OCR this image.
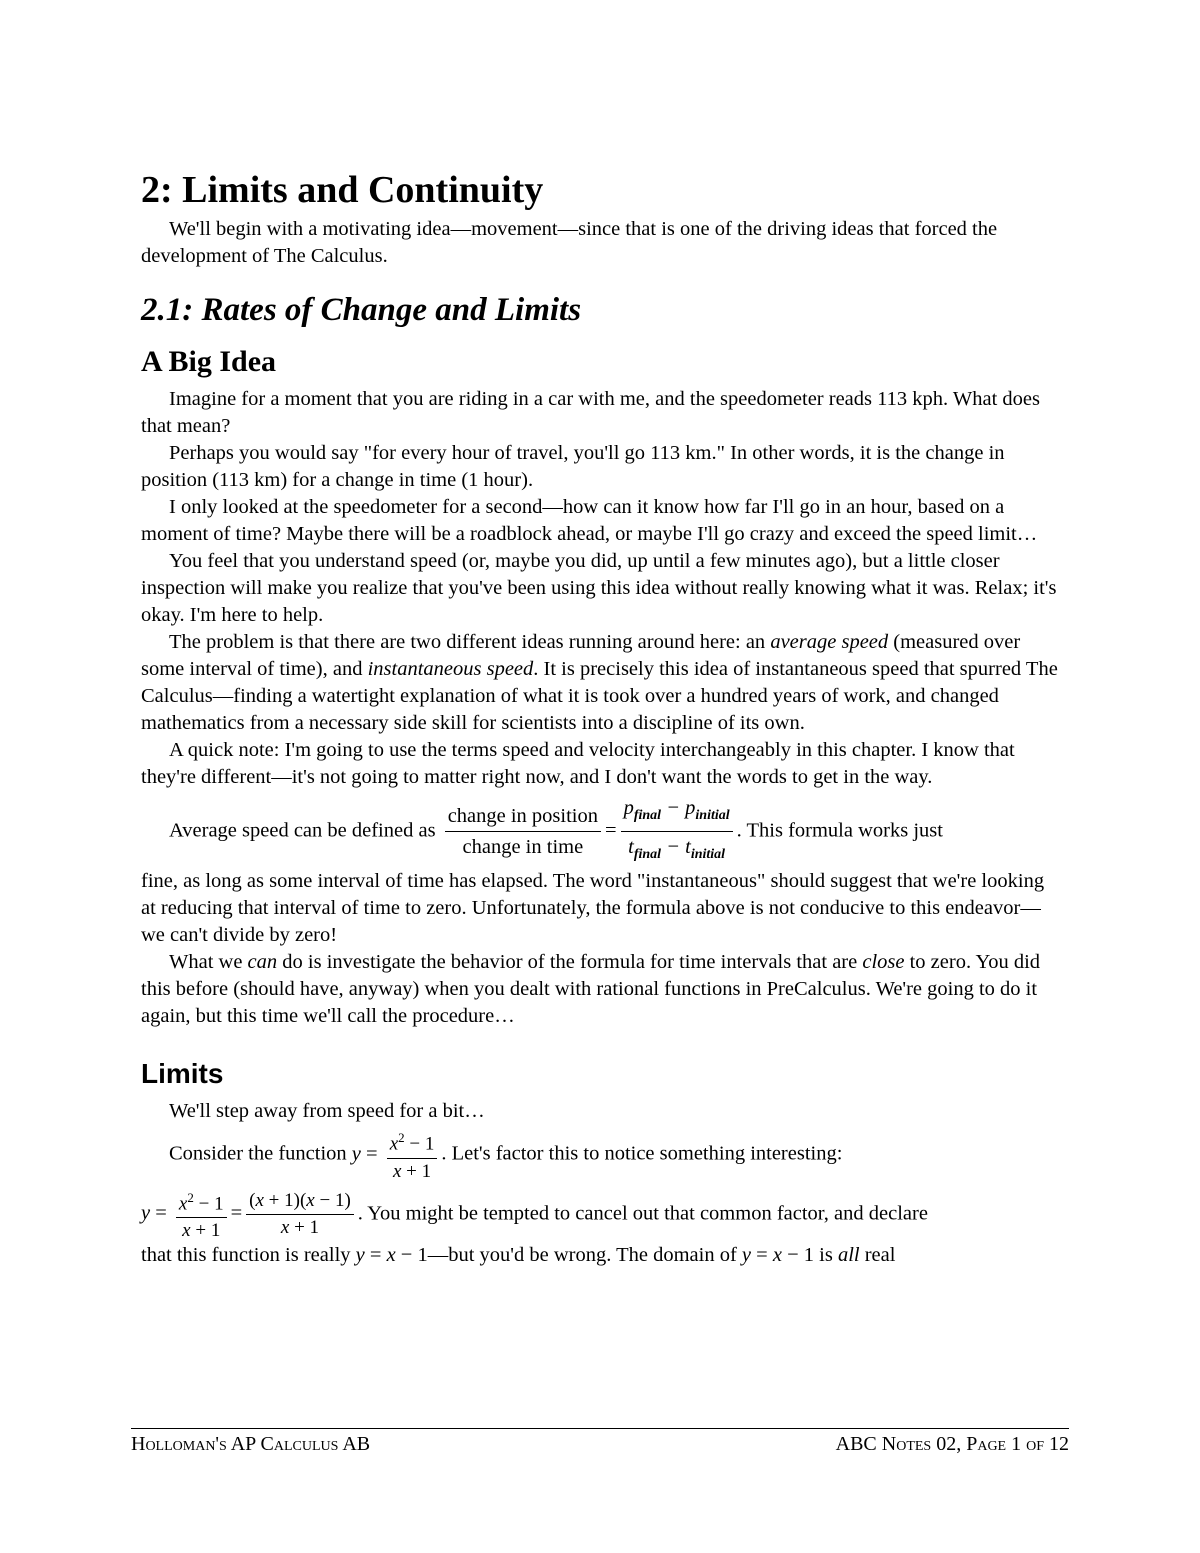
2: Limits and Continuity

We'll begin with a motivating idea—movement—since that is one of the driving ideas that forced the development of The Calculus.

2.1: Rates of Change and Limits
A Big Idea

Imagine for a moment that you are riding in a car with me, and the speedometer reads 113 kph. What does that mean?

Perhaps you would say "for every hour of travel, you'll go 113 km." In other words, it is the change in position (113 km) for a change in time (1 hour).

I only looked at the speedometer for a second—how can it know how far I'll go in an hour, based on a moment of time? Maybe there will be a roadblock ahead, or maybe I'll go crazy and exceed the speed limit…

You feel that you understand speed (or, maybe you did, up until a few minutes ago), but a little closer inspection will make you realize that you've been using this idea without really knowing what it was. Relax; it's okay. I'm here to help.

The problem is that there are two different ideas running around here: an average speed (measured over some interval of time), and instantaneous speed. It is precisely this idea of instantaneous speed that spurred The Calculus—finding a watertight explanation of what it is took over a hundred years of work, and changed mathematics from a necessary side skill for scientists into a discipline of its own.

A quick note: I'm going to use the terms speed and velocity interchangeably in this chapter. I know that they're different—it's not going to matter right now, and I don't want the words to get in the way.

Average speed can be defined as $\frac{\text{change in position}}{\text{change in time}} = \frac{p_{final} - p_{initial}}{t_{final} - t_{initial}}$ . This formula works just

fine, as long as some interval of time has elapsed. The word "instantaneous" should suggest that we're looking at reducing that interval of time to zero. Unfortunately, the formula above is not conducive to this endeavor—we can't divide by zero!

What we can do is investigate the behavior of the formula for time intervals that are close to zero. You did this before (should have, anyway) when you dealt with rational functions in PreCalculus. We're going to do it again, but this time we'll call the procedure…

Limits

We'll step away from speed for a bit…

Consider the function $y = \frac{x^2 - 1}{x + 1}$ . Let's factor this to notice something interesting:

$y = \frac{x^2 - 1}{x + 1} = \frac{(x + 1)(x - 1)}{x + 1}$ . You might be tempted to cancel out that common factor, and declare

that this function is really y = x − 1—but you'd be wrong. The domain of y = x − 1 is all real

Holloman's AP Calculus AB	ABC Notes 02, Page 1 of 12
